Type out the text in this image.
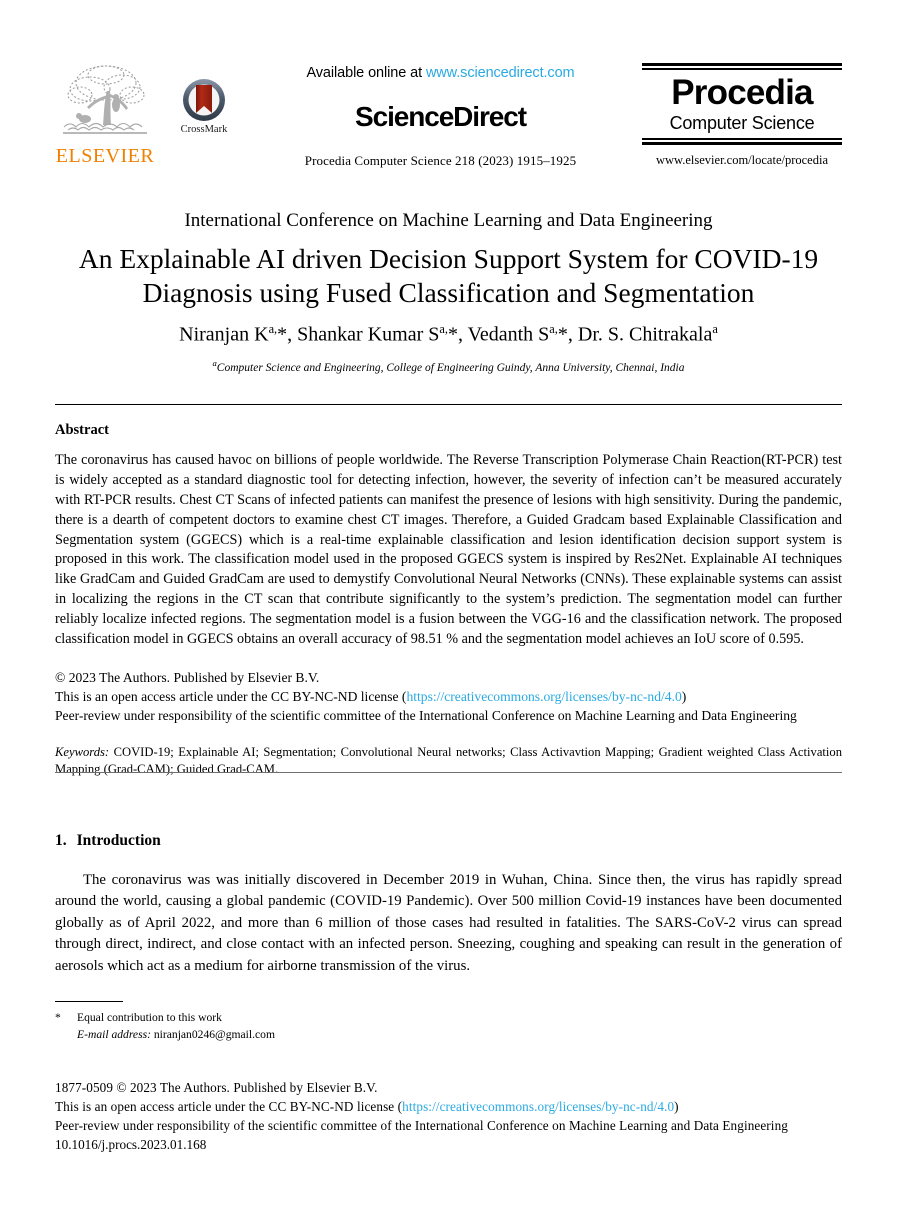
ELSEVIER
CrossMark
Available online at www.sciencedirect.com
ScienceDirect
Procedia Computer Science 218 (2023) 1915–1925
Procedia
Computer Science
www.elsevier.com/locate/procedia
International Conference on Machine Learning and Data Engineering
An Explainable AI driven Decision Support System for COVID-19
Diagnosis using Fused Classification and Segmentation
Niranjan $K^{a,}*$, Shankar Kumar $S^{a,}*$, Vedanth $S^{a,}*$, Dr. S. Chitrakala$^a$
$^a$Computer Science and Engineering, College of Engineering Guindy, Anna University, Chennai, India
Abstract
The coronavirus has caused havoc on billions of people worldwide. The Reverse Transcription Polymerase Chain Reaction(RT-PCR) test is widely accepted as a standard diagnostic tool for detecting infection, however, the severity of infection can’t be measured accurately with RT-PCR results. Chest CT Scans of infected patients can manifest the presence of lesions with high sensitivity. During the pandemic, there is a dearth of competent doctors to examine chest CT images. Therefore, a Guided Gradcam based Explainable Classification and Segmentation system (GGECS) which is a real-time explainable classification and lesion identification decision support system is proposed in this work. The classification model used in the proposed GGECS system is inspired by Res2Net. Explainable AI techniques like GradCam and Guided GradCam are used to demystify Convolutional Neural Networks (CNNs). These explainable systems can assist in localizing the regions in the CT scan that contribute significantly to the system’s prediction. The segmentation model can further reliably localize infected regions. The segmentation model is a fusion between the VGG-16 and the classification network. The proposed classification model in GGECS obtains an overall accuracy of 98.51 % and the segmentation model achieves an IoU score of 0.595.
© 2023 The Authors. Published by Elsevier B.V.
This is an open access article under the CC BY-NC-ND license (https://creativecommons.org/licenses/by-nc-nd/4.0)
Peer-review under responsibility of the scientific committee of the International Conference on Machine Learning and Data Engineering
Keywords: COVID-19; Explainable AI; Segmentation; Convolutional Neural networks; Class Activavtion Mapping; Gradient weighted Class Activation Mapping (Grad-CAM); Guided Grad-CAM.
1. Introduction
The coronavirus was was initially discovered in December 2019 in Wuhan, China. Since then, the virus has rapidly spread around the world, causing a global pandemic (COVID-19 Pandemic). Over 500 million Covid-19 instances have been documented globally as of April 2022, and more than 6 million of those cases had resulted in fatalities. The SARS-CoV-2 virus can spread through direct, indirect, and close contact with an infected person. Sneezing, coughing and speaking can result in the generation of aerosols which act as a medium for airborne transmission of the virus.
* Equal contribution to this work
E-mail address: niranjan0246@gmail.com
1877-0509 © 2023 The Authors. Published by Elsevier B.V.
This is an open access article under the CC BY-NC-ND license (https://creativecommons.org/licenses/by-nc-nd/4.0)
Peer-review under responsibility of the scientific committee of the International Conference on Machine Learning and Data Engineering
10.1016/j.procs.2023.01.168
